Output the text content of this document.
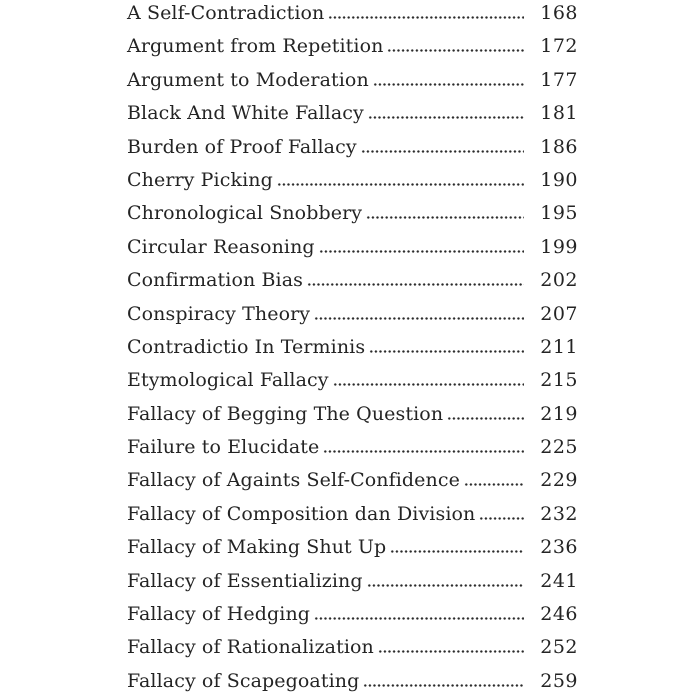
A Self-Contradiction	168
Argument from Repetition	172
Argument to Moderation	177
Black And White Fallacy	181
Burden of Proof Fallacy	186
Cherry Picking	190
Chronological Snobbery	195
Circular Reasoning	199
Confirmation Bias	202
Conspiracy Theory	207
Contradictio In Terminis	211
Etymological Fallacy	215
Fallacy of Begging The Question	219
Failure to Elucidate	225
Fallacy of Againts Self-Confidence	229
Fallacy of Composition dan Division	232
Fallacy of Making Shut Up	236
Fallacy of Essentializing	241
Fallacy of Hedging	246
Fallacy of Rationalization	252
Fallacy of Scapegoating	259
